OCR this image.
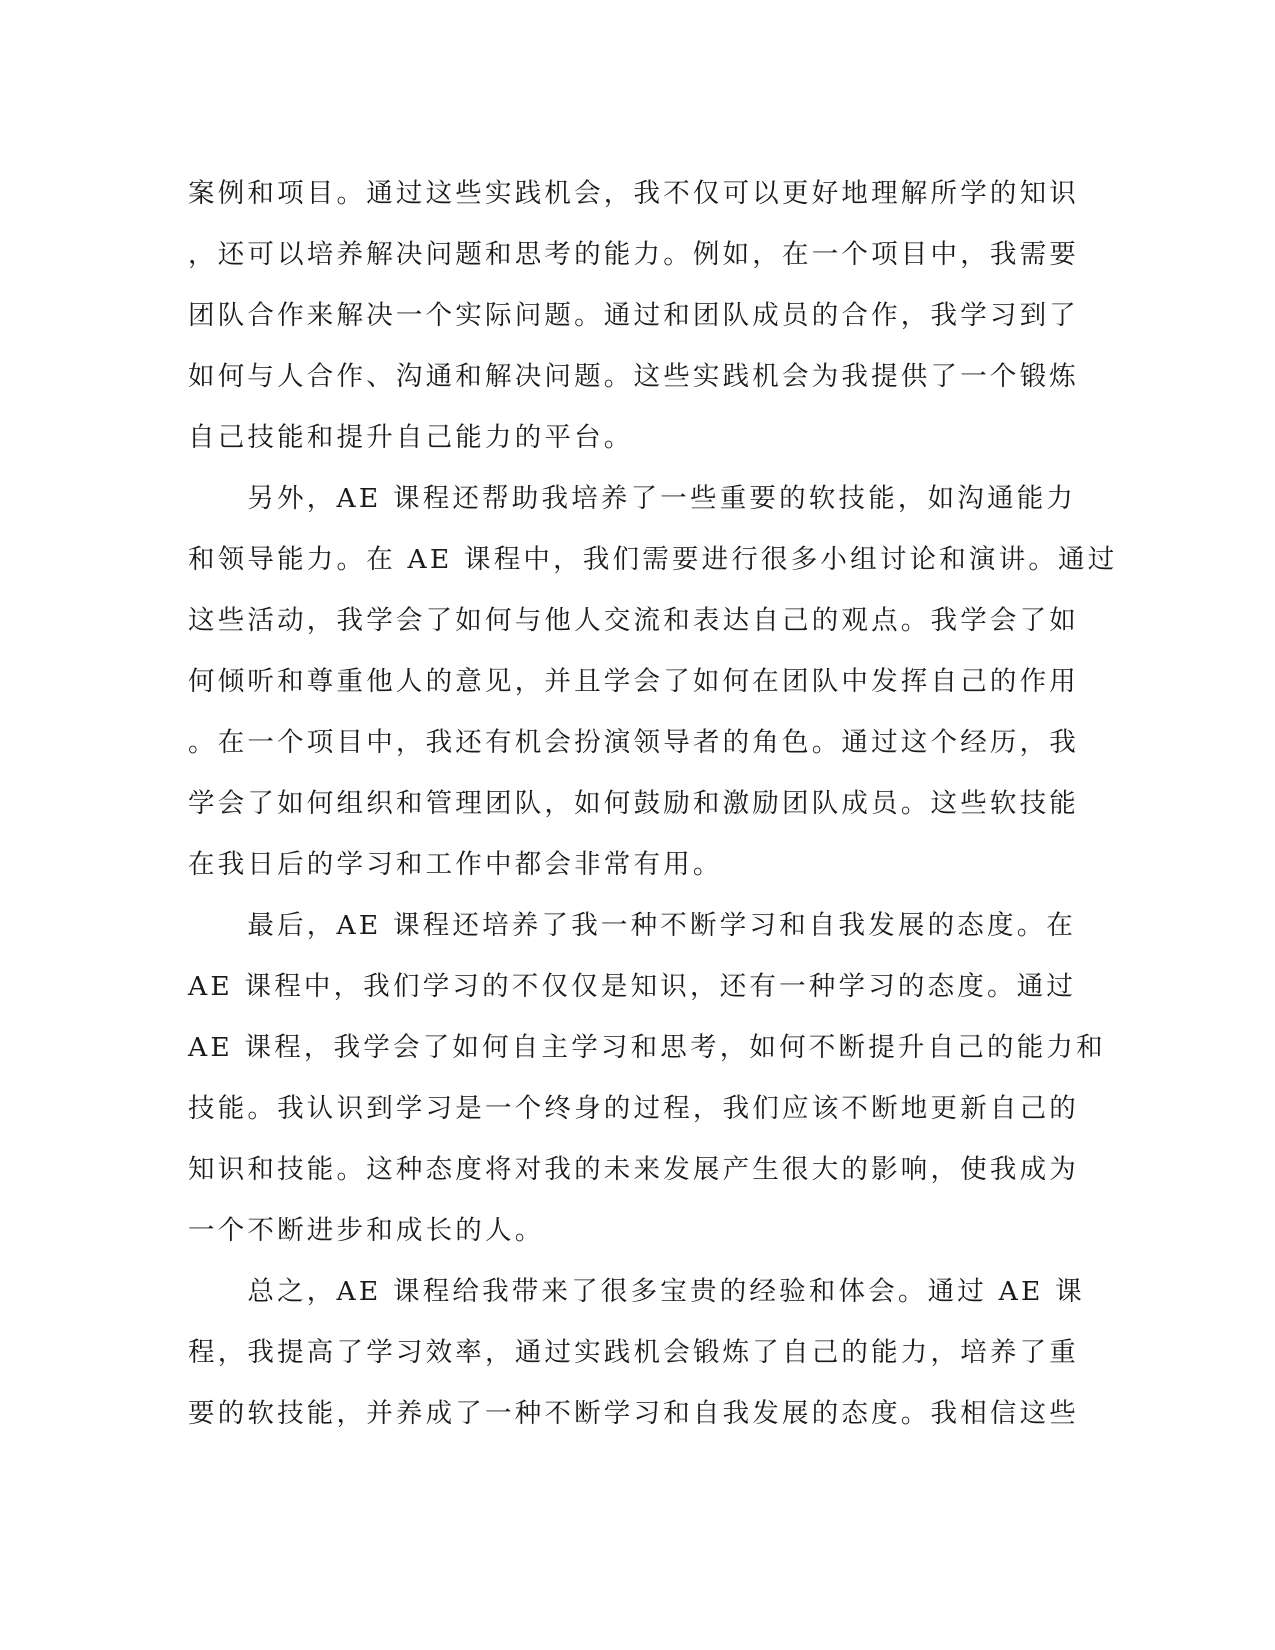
案例和项目。通过这些实践机会，我不仅可以更好地理解所学的知识
，还可以培养解决问题和思考的能力。例如，在一个项目中，我需要
团队合作来解决一个实际问题。通过和团队成员的合作，我学习到了
如何与人合作、沟通和解决问题。这些实践机会为我提供了一个锻炼
自己技能和提升自己能力的平台。
　　另外，AE 课程还帮助我培养了一些重要的软技能，如沟通能力
和领导能力。在 AE 课程中，我们需要进行很多小组讨论和演讲。通过
这些活动，我学会了如何与他人交流和表达自己的观点。我学会了如
何倾听和尊重他人的意见，并且学会了如何在团队中发挥自己的作用
。在一个项目中，我还有机会扮演领导者的角色。通过这个经历，我
学会了如何组织和管理团队，如何鼓励和激励团队成员。这些软技能
在我日后的学习和工作中都会非常有用。
　　最后，AE 课程还培养了我一种不断学习和自我发展的态度。在
AE 课程中，我们学习的不仅仅是知识，还有一种学习的态度。通过
AE 课程，我学会了如何自主学习和思考，如何不断提升自己的能力和
技能。我认识到学习是一个终身的过程，我们应该不断地更新自己的
知识和技能。这种态度将对我的未来发展产生很大的影响，使我成为
一个不断进步和成长的人。
　　总之，AE 课程给我带来了很多宝贵的经验和体会。通过 AE 课
程，我提高了学习效率，通过实践机会锻炼了自己的能力，培养了重
要的软技能，并养成了一种不断学习和自我发展的态度。我相信这些
